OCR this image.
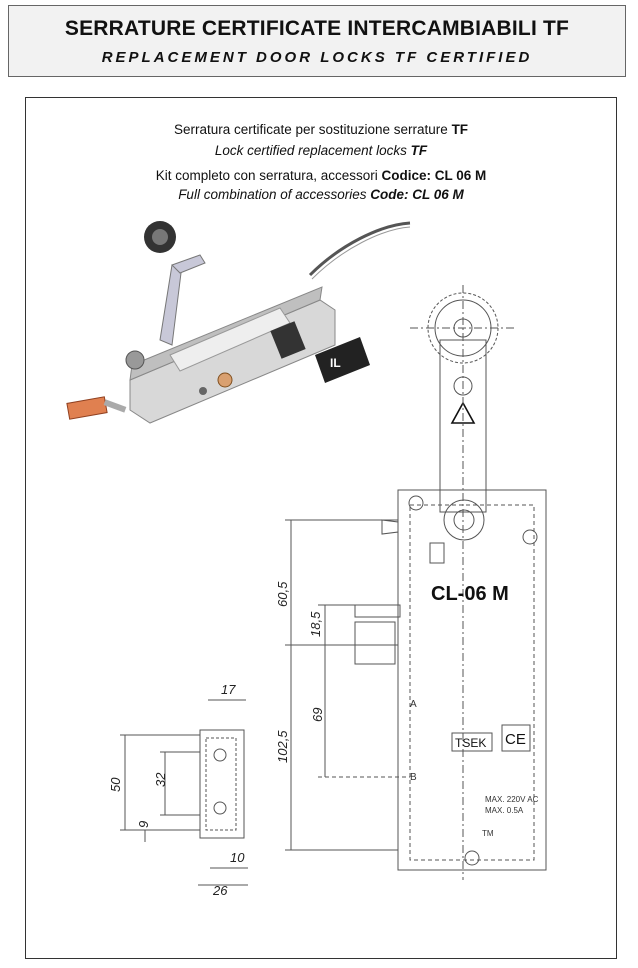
SERRATURE CERTIFICATE INTERCAMBIABILI TF
REPLACEMENT DOOR LOCKS TF CERTIFIED
Serratura certificate per sostituzione serrature TF
Lock certified replacement locks TF
Kit completo con serratura, accessori Codice: CL 06 M
Full combination of accessories Code: CL 06 M
IL
CL-06 M
TSEK CE
MAX. 220V AC
MAX. 0.5A
TM
A
B
60,5
18,5
69
102,5
17
50 32
9
10
26
